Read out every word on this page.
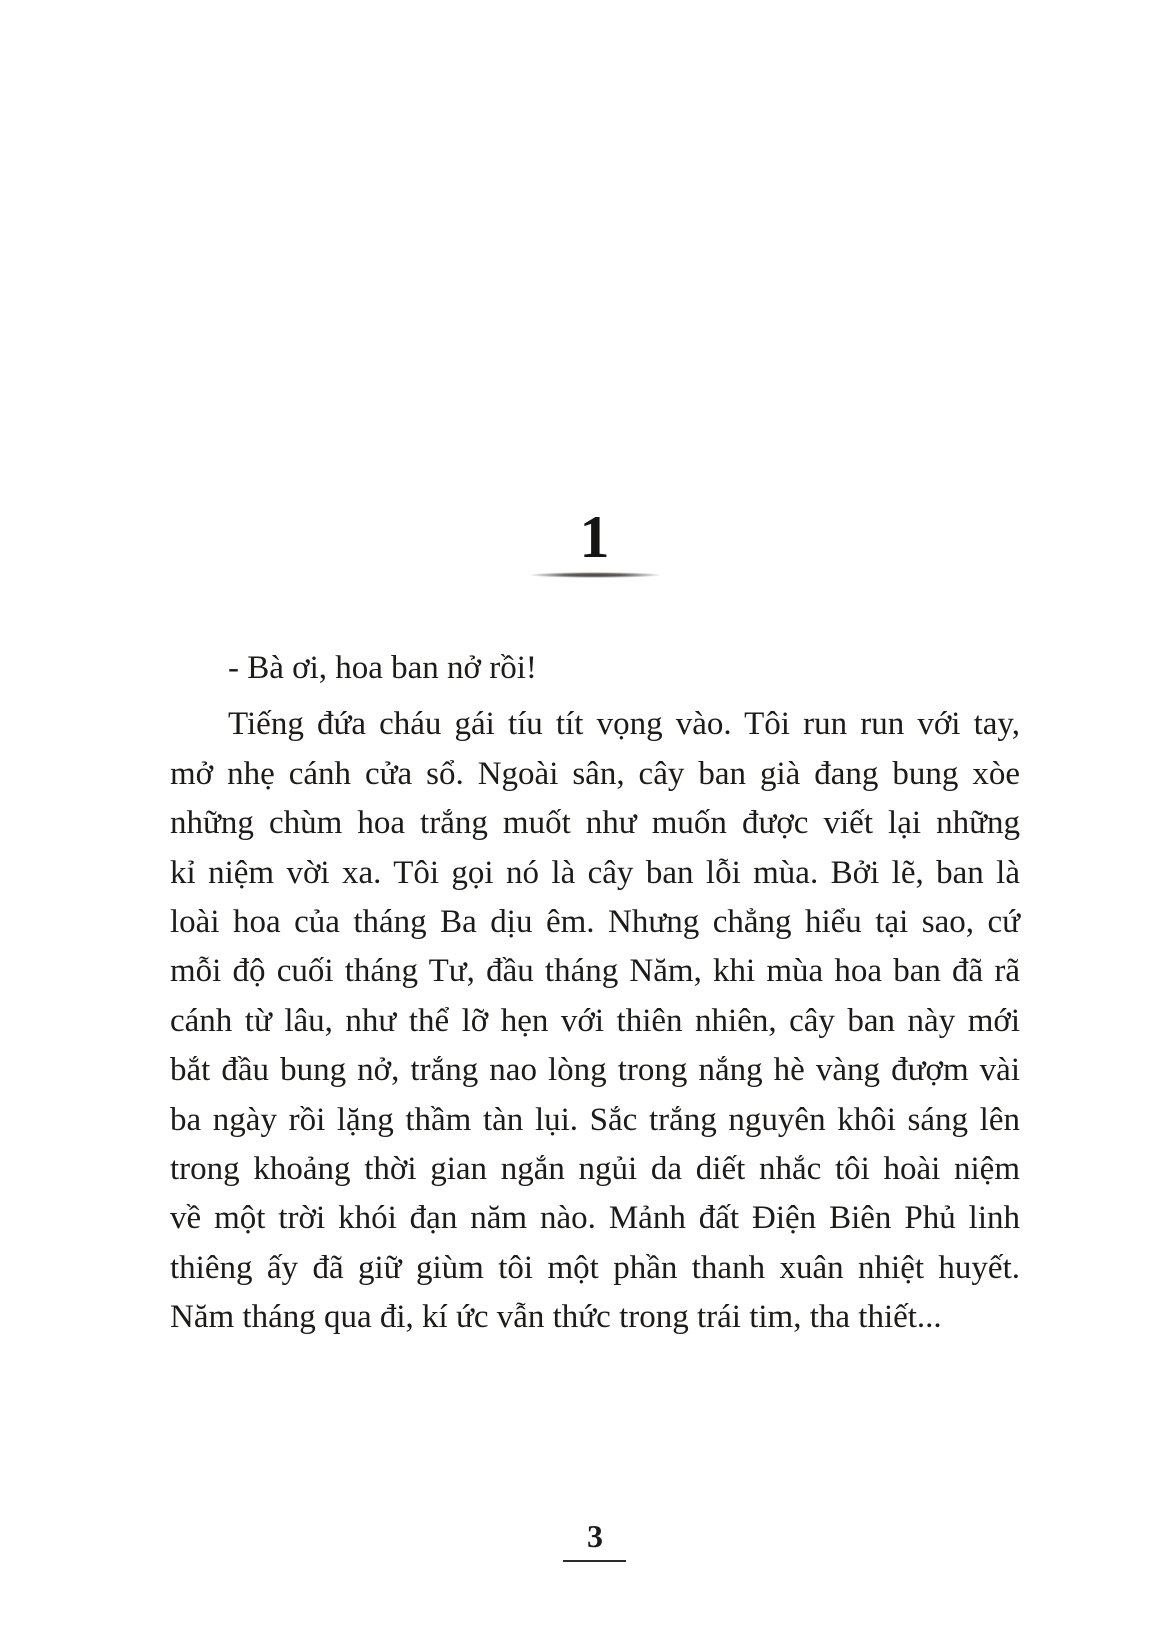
1

- Bà ơi, hoa ban nở rồi!

Tiếng đứa cháu gái tíu tít vọng vào. Tôi run run với tay,

mở nhẹ cánh cửa sổ. Ngoài sân, cây ban già đang bung xòe

những chùm hoa trắng muốt như muốn được viết lại những

kỉ niệm vời xa. Tôi gọi nó là cây ban lỗi mùa. Bởi lẽ, ban là

loài hoa của tháng Ba dịu êm. Nhưng chẳng hiểu tại sao, cứ

mỗi độ cuối tháng Tư, đầu tháng Năm, khi mùa hoa ban đã rã

cánh từ lâu, như thể lỡ hẹn với thiên nhiên, cây ban này mới

bắt đầu bung nở, trắng nao lòng trong nắng hè vàng đượm vài

ba ngày rồi lặng thầm tàn lụi. Sắc trắng nguyên khôi sáng lên

trong khoảng thời gian ngắn ngủi da diết nhắc tôi hoài niệm

về một trời khói đạn năm nào. Mảnh đất Điện Biên Phủ linh

thiêng ấy đã giữ giùm tôi một phần thanh xuân nhiệt huyết.

Năm tháng qua đi, kí ức vẫn thức trong trái tim, tha thiết...

3
